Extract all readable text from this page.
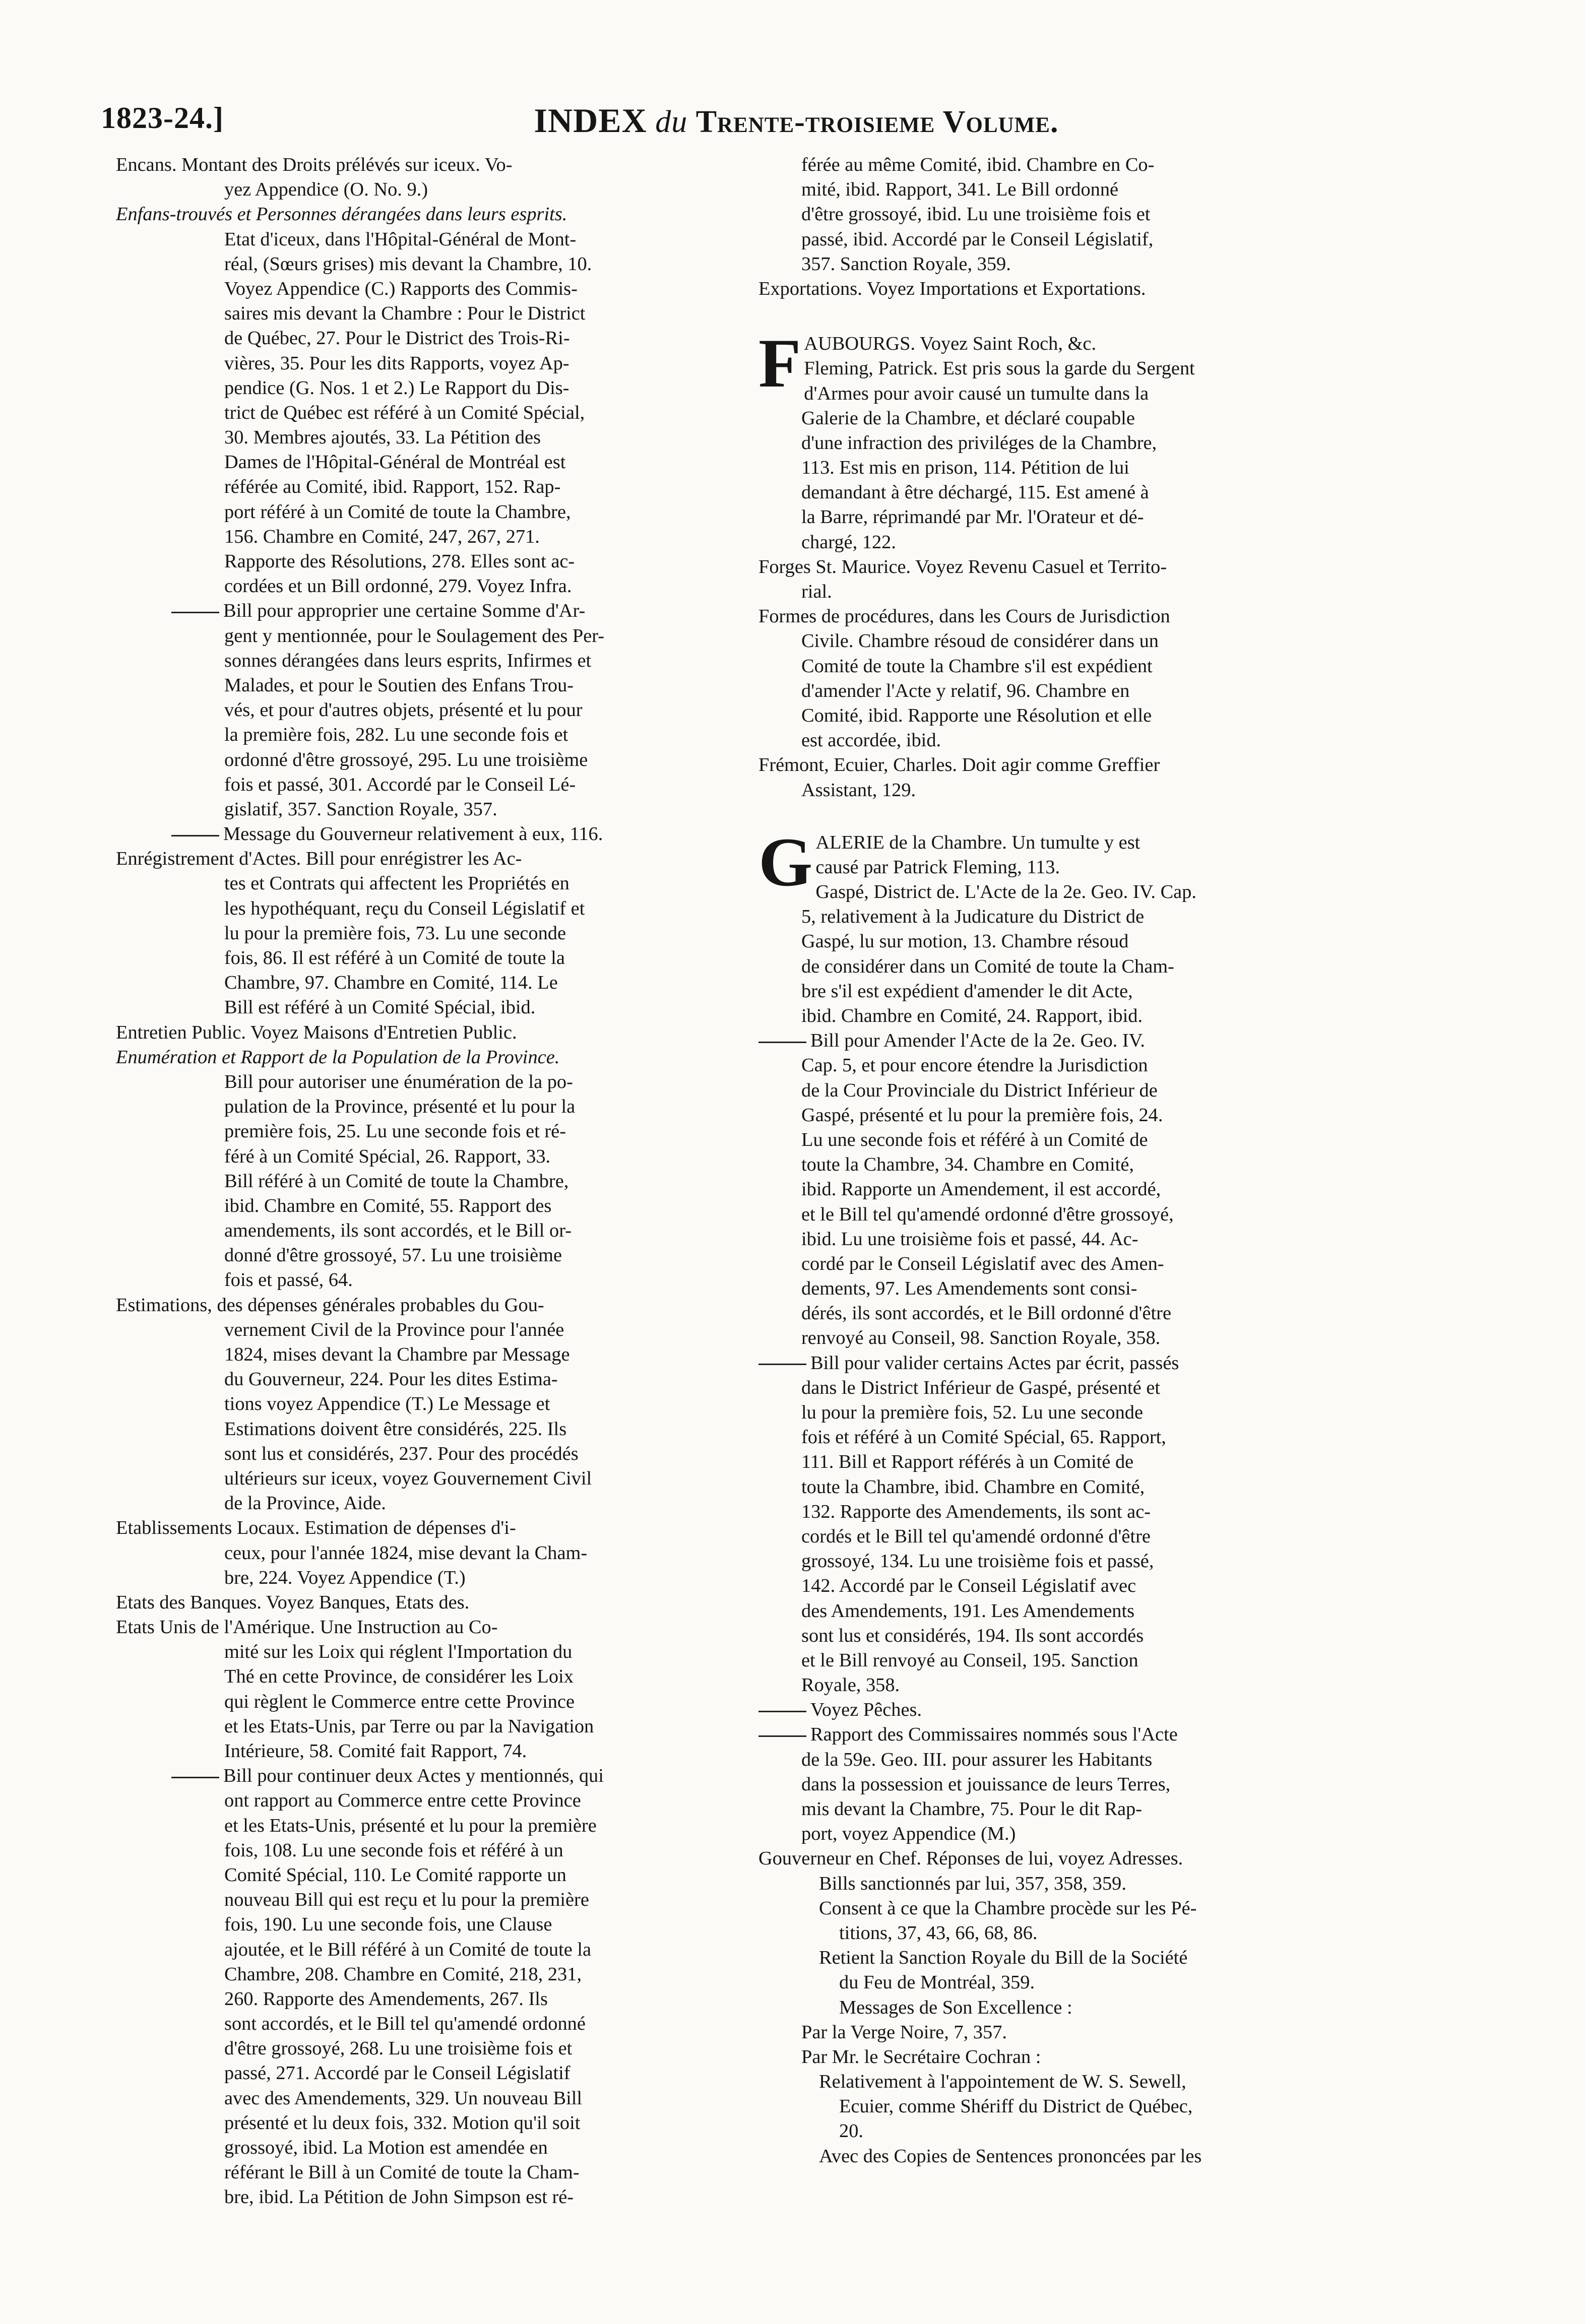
1823-24.]	INDEX du Trente-troisieme Volume.
Encans. Montant des Droits prélévés sur iceux. Vo-
yez Appendice (O. No. 9.)
Enfans-trouvés et Personnes dérangées dans leurs esprits.
Etat d'iceux, dans l'Hôpital-Général de Mont-
réal, (Sœurs grises) mis devant la Chambre, 10.
Voyez Appendice (C.) Rapports des Commis-
saires mis devant la Chambre : Pour le District
de Québec, 27. Pour le District des Trois-Ri-
vières, 35. Pour les dits Rapports, voyez Ap-
pendice (G. Nos. 1 et 2.) Le Rapport du Dis-
trict de Québec est référé à un Comité Spécial,
30. Membres ajoutés, 33. La Pétition des
Dames de l'Hôpital-Général de Montréal est
référée au Comité, ibid. Rapport, 152. Rap-
port référé à un Comité de toute la Chambre,
156. Chambre en Comité, 247, 267, 271.
Rapporte des Résolutions, 278. Elles sont ac-
cordées et un Bill ordonné, 279. Voyez Infra.
Bill pour approprier une certaine Somme d'Ar-
gent y mentionnée, pour le Soulagement des Per-
sonnes dérangées dans leurs esprits, Infirmes et
Malades, et pour le Soutien des Enfans Trou-
vés, et pour d'autres objets, présenté et lu pour
la première fois, 282. Lu une seconde fois et
ordonné d'être grossoyé, 295. Lu une troisième
fois et passé, 301. Accordé par le Conseil Lé-
gislatif, 357. Sanction Royale, 357.
Message du Gouverneur relativement à eux, 116.
Enrégistrement d'Actes. Bill pour enrégistrer les Ac-
tes et Contrats qui affectent les Propriétés en
les hypothéquant, reçu du Conseil Législatif et
lu pour la première fois, 73. Lu une seconde
fois, 86. Il est référé à un Comité de toute la
Chambre, 97. Chambre en Comité, 114. Le
Bill est référé à un Comité Spécial, ibid.
Entretien Public. Voyez Maisons d'Entretien Public.
Enumération et Rapport de la Population de la Province.
Bill pour autoriser une énumération de la po-
pulation de la Province, présenté et lu pour la
première fois, 25. Lu une seconde fois et ré-
féré à un Comité Spécial, 26. Rapport, 33.
Bill référé à un Comité de toute la Chambre,
ibid. Chambre en Comité, 55. Rapport des
amendements, ils sont accordés, et le Bill or-
donné d'être grossoyé, 57. Lu une troisième
fois et passé, 64.
Estimations, des dépenses générales probables du Gou-
vernement Civil de la Province pour l'année
1824, mises devant la Chambre par Message
du Gouverneur, 224. Pour les dites Estima-
tions voyez Appendice (T.) Le Message et
Estimations doivent être considérés, 225. Ils
sont lus et considérés, 237. Pour des procédés
ultérieurs sur iceux, voyez Gouvernement Civil
de la Province, Aide.
Etablissements Locaux. Estimation de dépenses d'i-
ceux, pour l'année 1824, mise devant la Cham-
bre, 224. Voyez Appendice (T.)
Etats des Banques. Voyez Banques, Etats des.
Etats Unis de l'Amérique. Une Instruction au Co-
mité sur les Loix qui réglent l'Importation du
Thé en cette Province, de considérer les Loix
qui règlent le Commerce entre cette Province
et les Etats-Unis, par Terre ou par la Navigation
Intérieure, 58. Comité fait Rapport, 74.
Bill pour continuer deux Actes y mentionnés, qui
ont rapport au Commerce entre cette Province
et les Etats-Unis, présenté et lu pour la première
fois, 108. Lu une seconde fois et référé à un
Comité Spécial, 110. Le Comité rapporte un
nouveau Bill qui est reçu et lu pour la première
fois, 190. Lu une seconde fois, une Clause
ajoutée, et le Bill référé à un Comité de toute la
Chambre, 208. Chambre en Comité, 218, 231,
260. Rapporte des Amendements, 267. Ils
sont accordés, et le Bill tel qu'amendé ordonné
d'être grossoyé, 268. Lu une troisième fois et
passé, 271. Accordé par le Conseil Législatif
avec des Amendements, 329. Un nouveau Bill
présenté et lu deux fois, 332. Motion qu'il soit
grossoyé, ibid. La Motion est amendée en
référant le Bill à un Comité de toute la Cham-
bre, ibid. La Pétition de John Simpson est ré-
férée au même Comité, ibid. Chambre en Co-
mité, ibid. Rapport, 341. Le Bill ordonné
d'être grossoyé, ibid. Lu une troisième fois et
passé, ibid. Accordé par le Conseil Législatif,
357. Sanction Royale, 359.
Exportations. Voyez Importations et Exportations.
FAUBOURGS. Voyez Saint Roch, &c.
Fleming, Patrick. Est pris sous la garde du Sergent
d'Armes pour avoir causé un tumulte dans la
Galerie de la Chambre, et déclaré coupable
d'une infraction des priviléges de la Chambre,
113. Est mis en prison, 114. Pétition de lui
demandant à être déchargé, 115. Est amené à
la Barre, réprimandé par Mr. l'Orateur et dé-
chargé, 122.
Forges St. Maurice. Voyez Revenu Casuel et Territo-
rial.
Formes de procédures, dans les Cours de Jurisdiction
Civile. Chambre résoud de considérer dans un
Comité de toute la Chambre s'il est expédient
d'amender l'Acte y relatif, 96. Chambre en
Comité, ibid. Rapporte une Résolution et elle
est accordée, ibid.
Frémont, Ecuier, Charles. Doit agir comme Greffier
Assistant, 129.
GALERIE de la Chambre. Un tumulte y est
causé par Patrick Fleming, 113.
Gaspé, District de. L'Acte de la 2e. Geo. IV. Cap.
5, relativement à la Judicature du District de
Gaspé, lu sur motion, 13. Chambre résoud
de considérer dans un Comité de toute la Cham-
bre s'il est expédient d'amender le dit Acte,
ibid. Chambre en Comité, 24. Rapport, ibid.
Bill pour Amender l'Acte de la 2e. Geo. IV.
Cap. 5, et pour encore étendre la Jurisdiction
de la Cour Provinciale du District Inférieur de
Gaspé, présenté et lu pour la première fois, 24.
Lu une seconde fois et référé à un Comité de
toute la Chambre, 34. Chambre en Comité,
ibid. Rapporte un Amendement, il est accordé,
et le Bill tel qu'amendé ordonné d'être grossoyé,
ibid. Lu une troisième fois et passé, 44. Ac-
cordé par le Conseil Législatif avec des Amen-
dements, 97. Les Amendements sont consi-
dérés, ils sont accordés, et le Bill ordonné d'être
renvoyé au Conseil, 98. Sanction Royale, 358.
Bill pour valider certains Actes par écrit, passés
dans le District Inférieur de Gaspé, présenté et
lu pour la première fois, 52. Lu une seconde
fois et référé à un Comité Spécial, 65. Rapport,
111. Bill et Rapport référés à un Comité de
toute la Chambre, ibid. Chambre en Comité,
132. Rapporte des Amendements, ils sont ac-
cordés et le Bill tel qu'amendé ordonné d'être
grossoyé, 134. Lu une troisième fois et passé,
142. Accordé par le Conseil Législatif avec
des Amendements, 191. Les Amendements
sont lus et considérés, 194. Ils sont accordés
et le Bill renvoyé au Conseil, 195. Sanction
Royale, 358.
Voyez Pêches.
Rapport des Commissaires nommés sous l'Acte
de la 59e. Geo. III. pour assurer les Habitants
dans la possession et jouissance de leurs Terres,
mis devant la Chambre, 75. Pour le dit Rap-
port, voyez Appendice (M.)
Gouverneur en Chef. Réponses de lui, voyez Adresses.
Bills sanctionnés par lui, 357, 358, 359.
Consent à ce que la Chambre procède sur les Pé-
titions, 37, 43, 66, 68, 86.
Retient la Sanction Royale du Bill de la Société
du Feu de Montréal, 359.
Messages de Son Excellence :
Par la Verge Noire, 7, 357.
Par Mr. le Secrétaire Cochran :
Relativement à l'appointement de W. S. Sewell,
Ecuier, comme Shériff du District de Québec,
20.
Avec des Copies de Sentences prononcées par les
